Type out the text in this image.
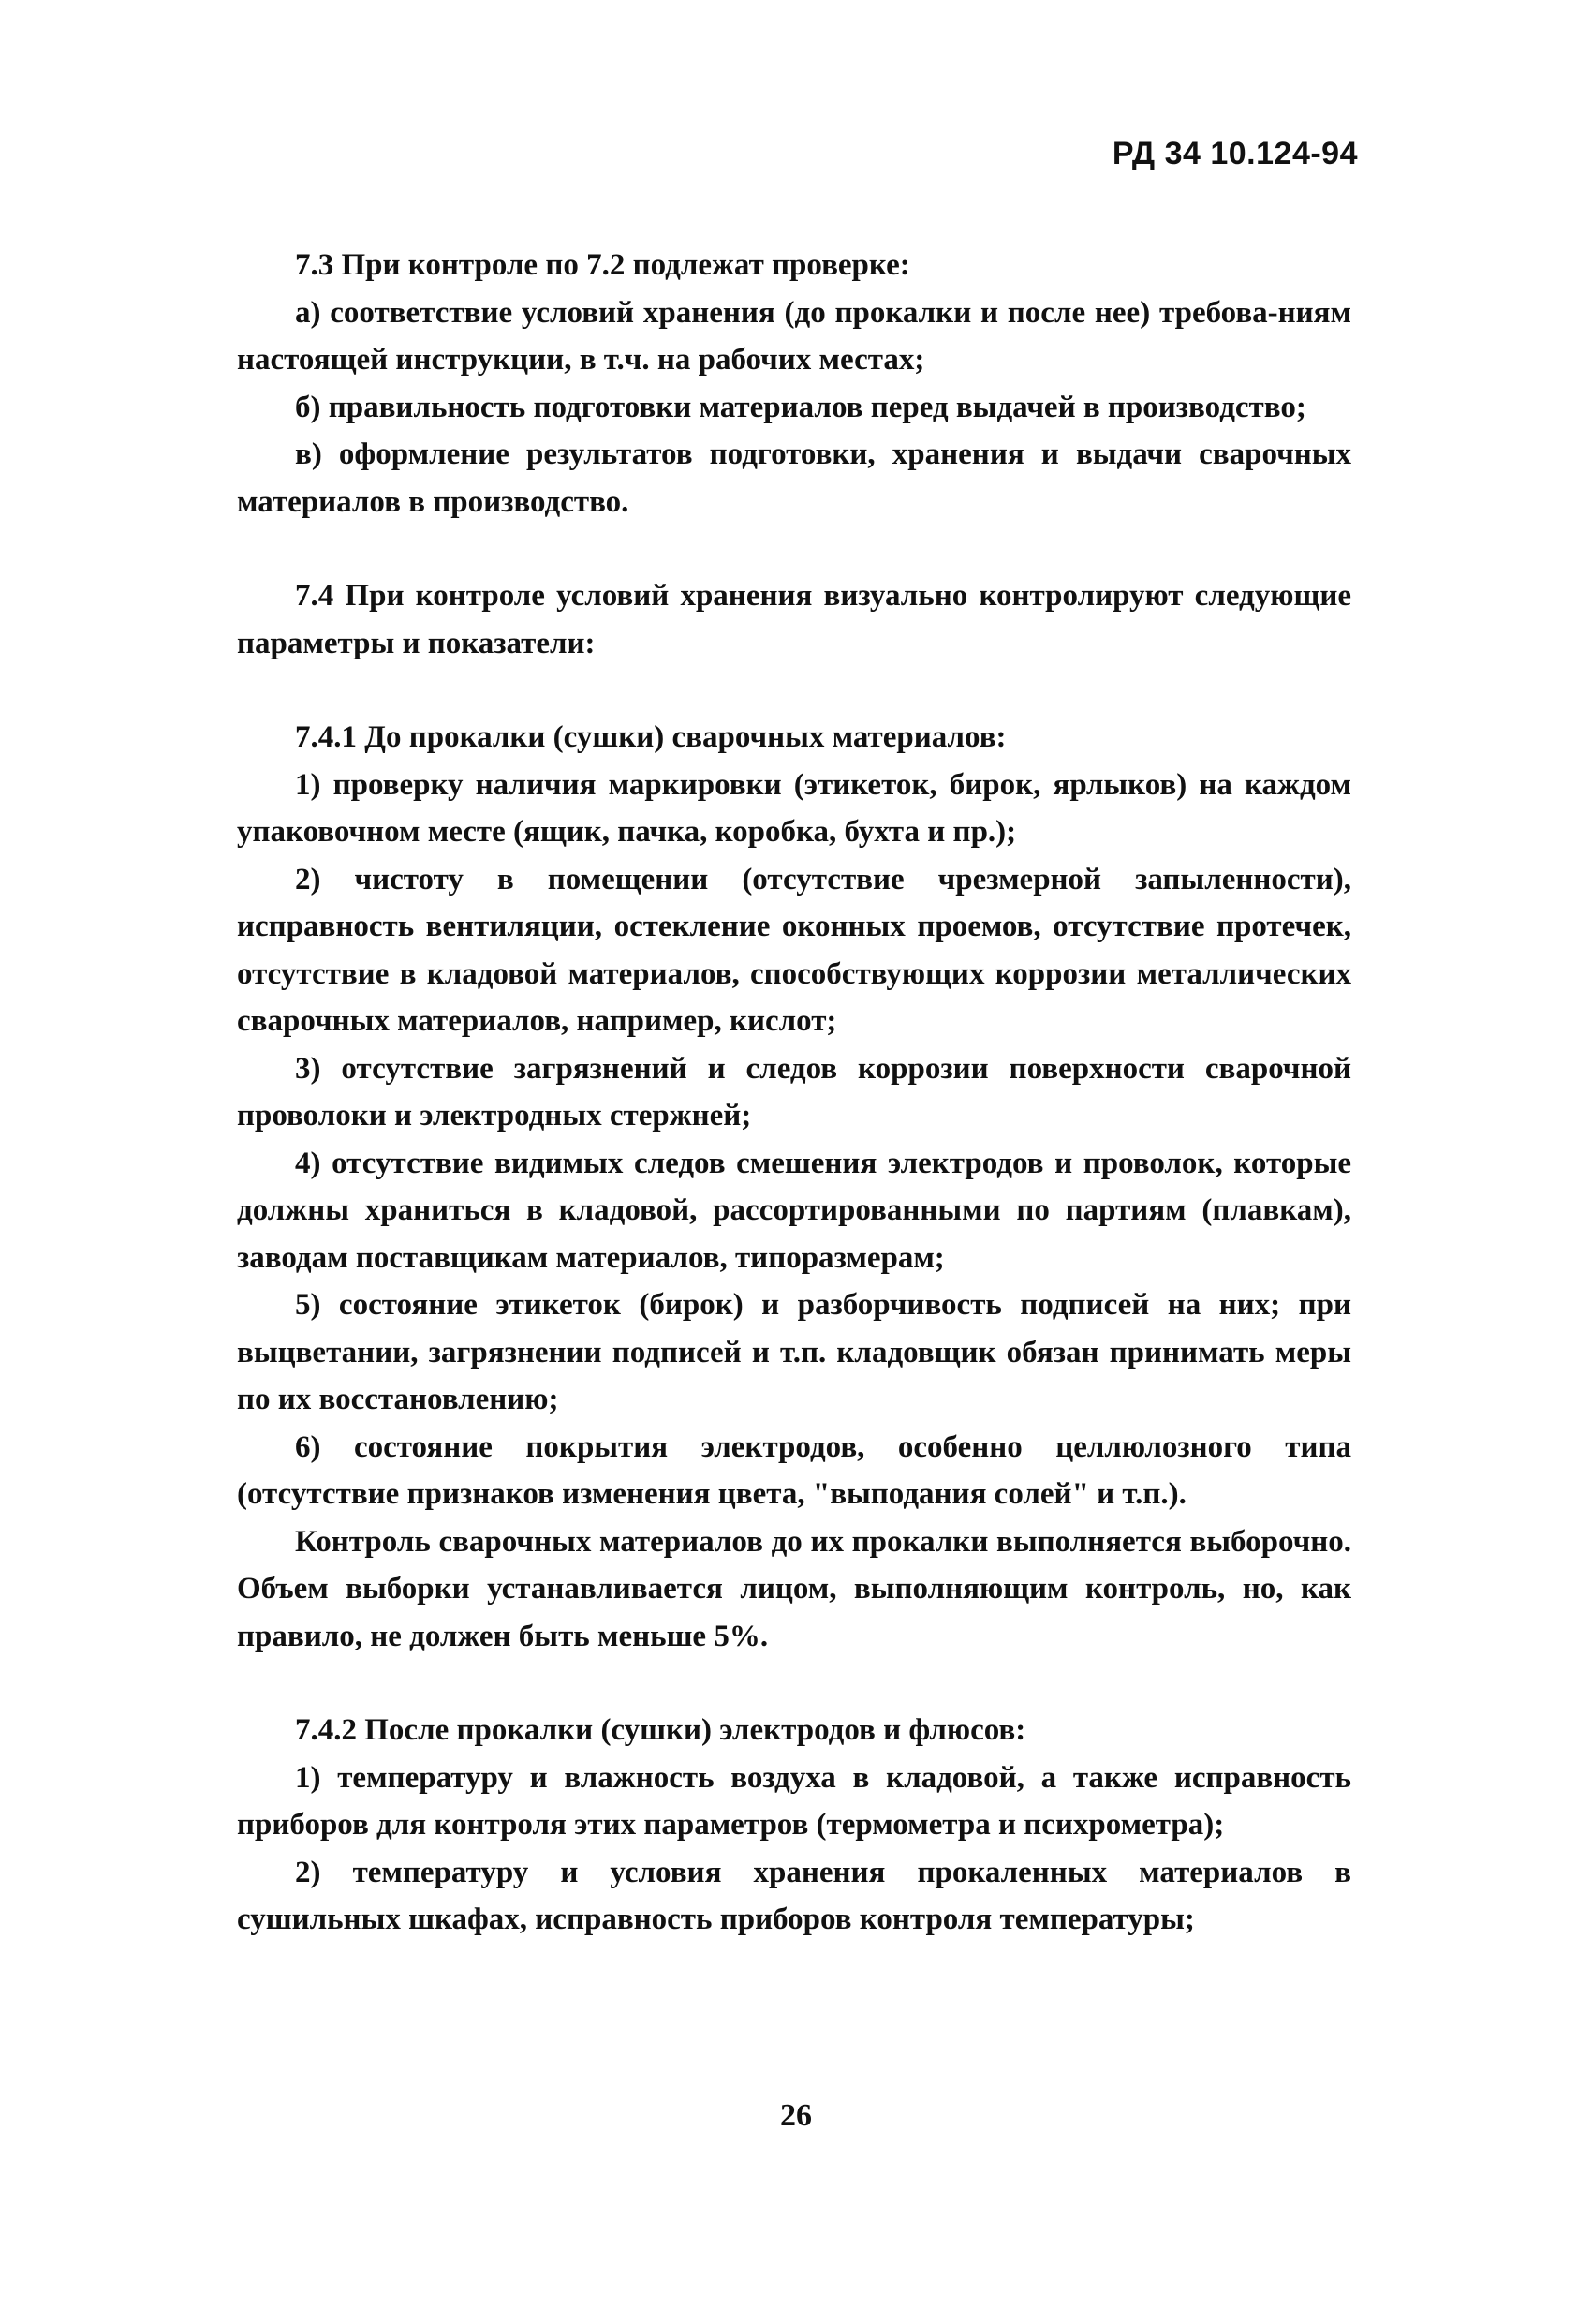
РД 34 10.124-94

7.3 При контроле по 7.2 подлежат проверке:

а) соответствие условий хранения (до прокалки и после нее) требова-ниям настоящей инструкции, в т.ч. на рабочих местах;

б) правильность подготовки материалов перед выдачей в производство;

в) оформление результатов подготовки, хранения и выдачи сварочных материалов в производство.

7.4 При контроле условий хранения визуально контролируют следующие параметры и показатели:

7.4.1 До прокалки (сушки) сварочных материалов:

1) проверку наличия маркировки (этикеток, бирок, ярлыков) на каждом упаковочном месте (ящик, пачка, коробка, бухта и пр.);

2) чистоту в помещении (отсутствие чрезмерной запыленности), исправность вентиляции, остекление оконных проемов, отсутствие протечек, отсутствие в кладовой материалов, способствующих коррозии металлических сварочных материалов, например, кислот;

3) отсутствие загрязнений и следов коррозии поверхности сварочной проволоки и электродных стержней;

4) отсутствие видимых следов смешения электродов и проволок, которые должны храниться в кладовой, рассортированными по партиям (плавкам), заводам поставщикам материалов, типоразмерам;

5) состояние этикеток (бирок) и разборчивость подписей на них; при выцветании, загрязнении подписей и т.п. кладовщик обязан принимать меры по их восстановлению;

6) состояние покрытия электродов, особенно целлюлозного типа (отсутствие признаков изменения цвета, "выподания солей" и т.п.).

Контроль сварочных материалов до их прокалки выполняется выборочно. Объем выборки устанавливается лицом, выполняющим контроль, но, как правило, не должен быть меньше 5%.

7.4.2 После прокалки (сушки) электродов и флюсов:

1) температуру и влажность воздуха в кладовой, а также исправность приборов для контроля этих параметров (термометра и психрометра);

2) температуру и условия хранения прокаленных материалов в сушильных шкафах, исправность приборов контроля температуры;

26
